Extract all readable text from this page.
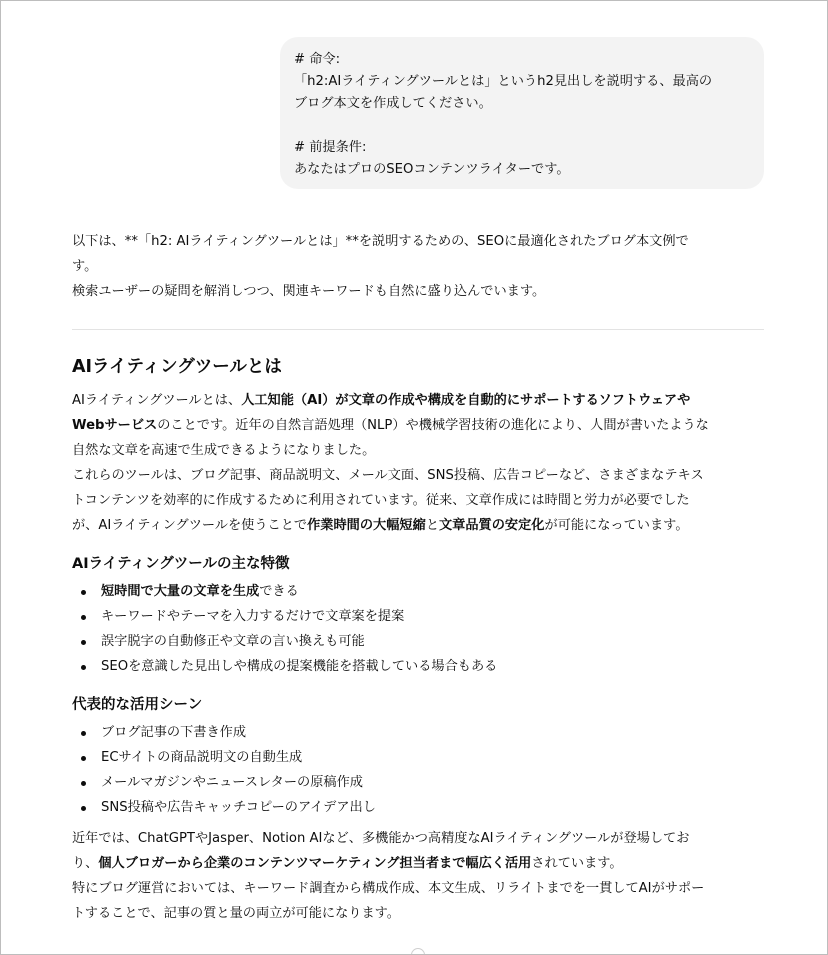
# 命令:

「h2:AIライティングツールとは」というh2見出しを説明する、最高の

ブログ本文を作成してください。

# 前提条件:

あなたはプロのSEOコンテンツライターです。

以下は、**「h2: AIライティングツールとは」**を説明するための、SEOに最適化されたブログ本文例で
す。
検索ユーザーの疑問を解消しつつ、関連キーワードも自然に盛り込んでいます。

AIライティングツールとは

AIライティングツールとは、人工知能（AI）が文章の作成や構成を自動的にサポートするソフトウェアや
Webサービスのことです。近年の自然言語処理（NLP）や機械学習技術の進化により、人間が書いたような
自然な文章を高速で生成できるようになりました。

これらのツールは、ブログ記事、商品説明文、メール文面、SNS投稿、広告コピーなど、さまざまなテキス
トコンテンツを効率的に作成するために利用されています。従来、文章作成には時間と労力が必要でした
が、AIライティングツールを使うことで作業時間の大幅短縮と文章品質の安定化が可能になっています。

AIライティングツールの主な特徴
短時間で大量の文章を生成できる
キーワードやテーマを入力するだけで文章案を提案
誤字脱字の自動修正や文章の言い換えも可能
SEOを意識した見出しや構成の提案機能を搭載している場合もある
代表的な活用シーン
ブログ記事の下書き作成
ECサイトの商品説明文の自動生成
メールマガジンやニュースレターの原稿作成
SNS投稿や広告キャッチコピーのアイデア出し

近年では、ChatGPTやJasper、Notion AIなど、多機能かつ高精度なAIライティングツールが登場してお
り、個人ブロガーから企業のコンテンツマーケティング担当者まで幅広く活用されています。

特にブログ運営においては、キーワード調査から構成作成、本文生成、リライトまでを一貫してAIがサポー
トすることで、記事の質と量の両立が可能になります。
